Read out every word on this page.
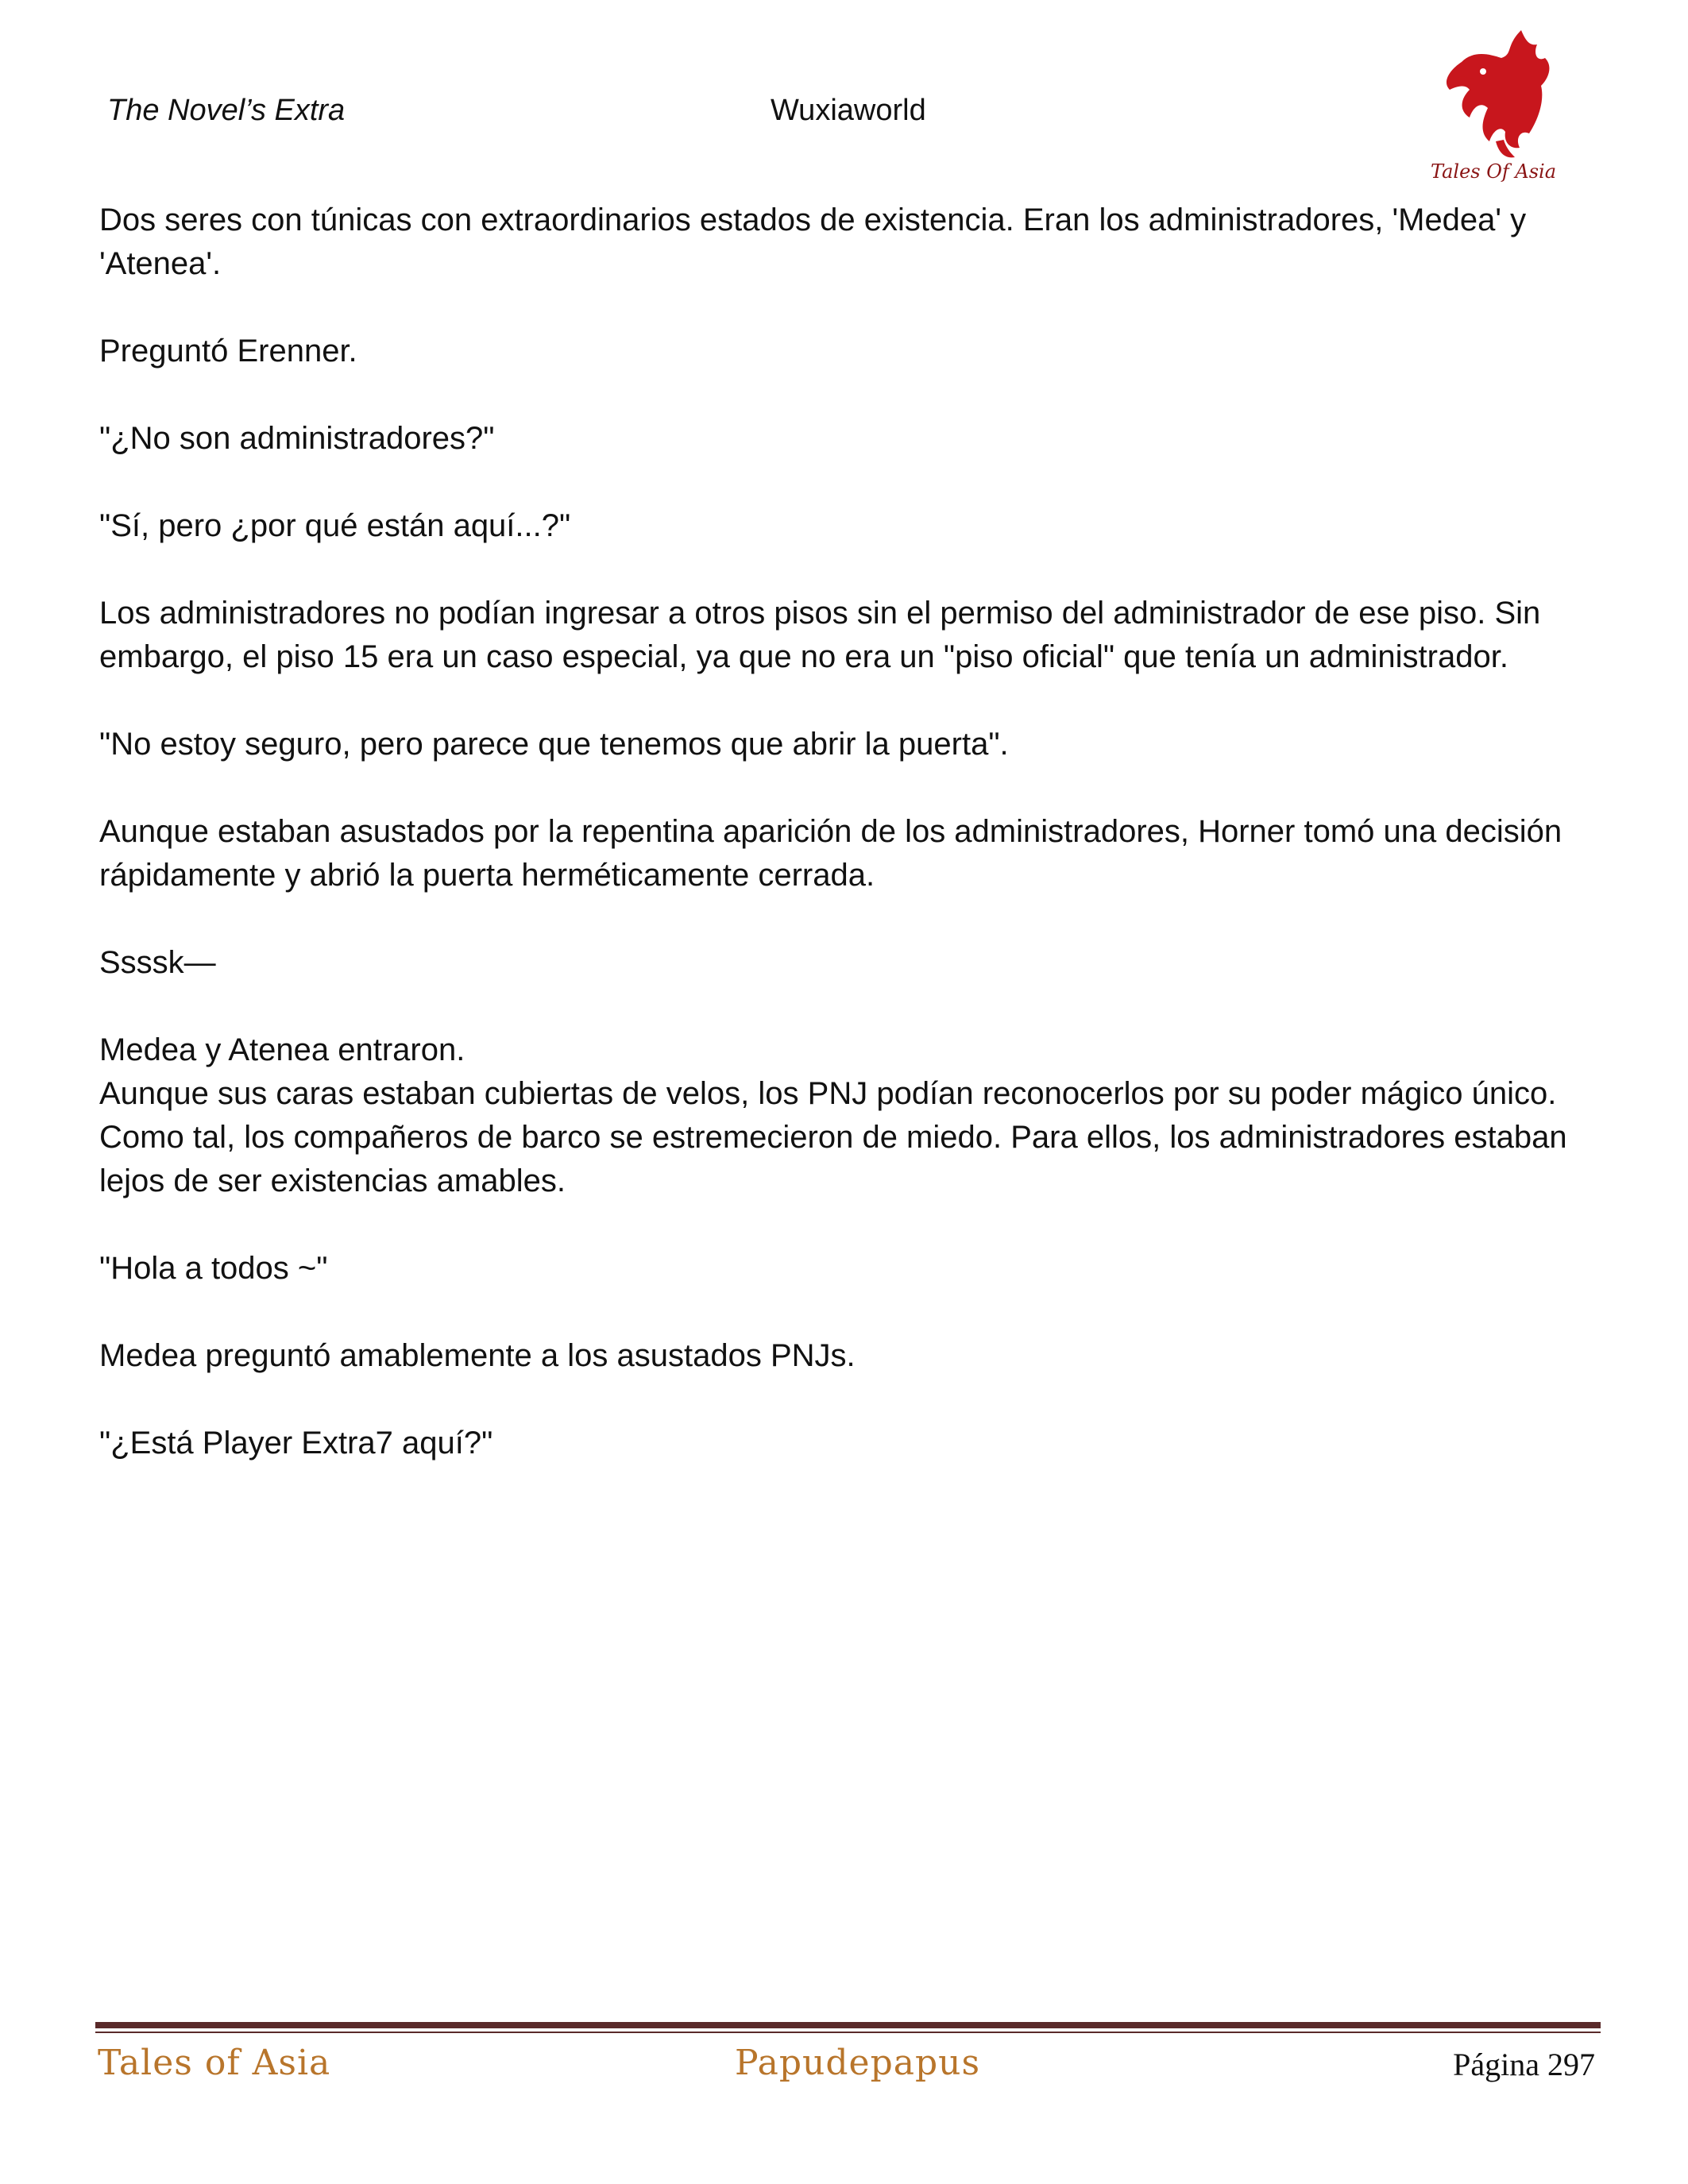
The Novel’s Extra	Wuxiaworld
Tales Of Asia

Dos seres con túnicas con extraordinarios estados de existencia. Eran los administradores, 'Medea' y 'Atenea'.

Preguntó Erenner.

"¿No son administradores?"

"Sí, pero ¿por qué están aquí...?"

Los administradores no podían ingresar a otros pisos sin el permiso del administrador de ese piso. Sin embargo, el piso 15 era un caso especial, ya que no era un "piso oficial" que tenía un administrador.

"No estoy seguro, pero parece que tenemos que abrir la puerta".

Aunque estaban asustados por la repentina aparición de los administradores, Horner tomó una decisión rápidamente y abrió la puerta herméticamente cerrada.

Ssssk—

Medea y Atenea entraron.

Aunque sus caras estaban cubiertas de velos, los PNJ podían reconocerlos por su poder mágico único. Como tal, los compañeros de barco se estremecieron de miedo. Para ellos, los administradores estaban lejos de ser existencias amables.

"Hola a todos ~"

Medea preguntó amablemente a los asustados PNJs.

"¿Está Player Extra7 aquí?"

Tales of Asia	Papudepapus	Página 297
